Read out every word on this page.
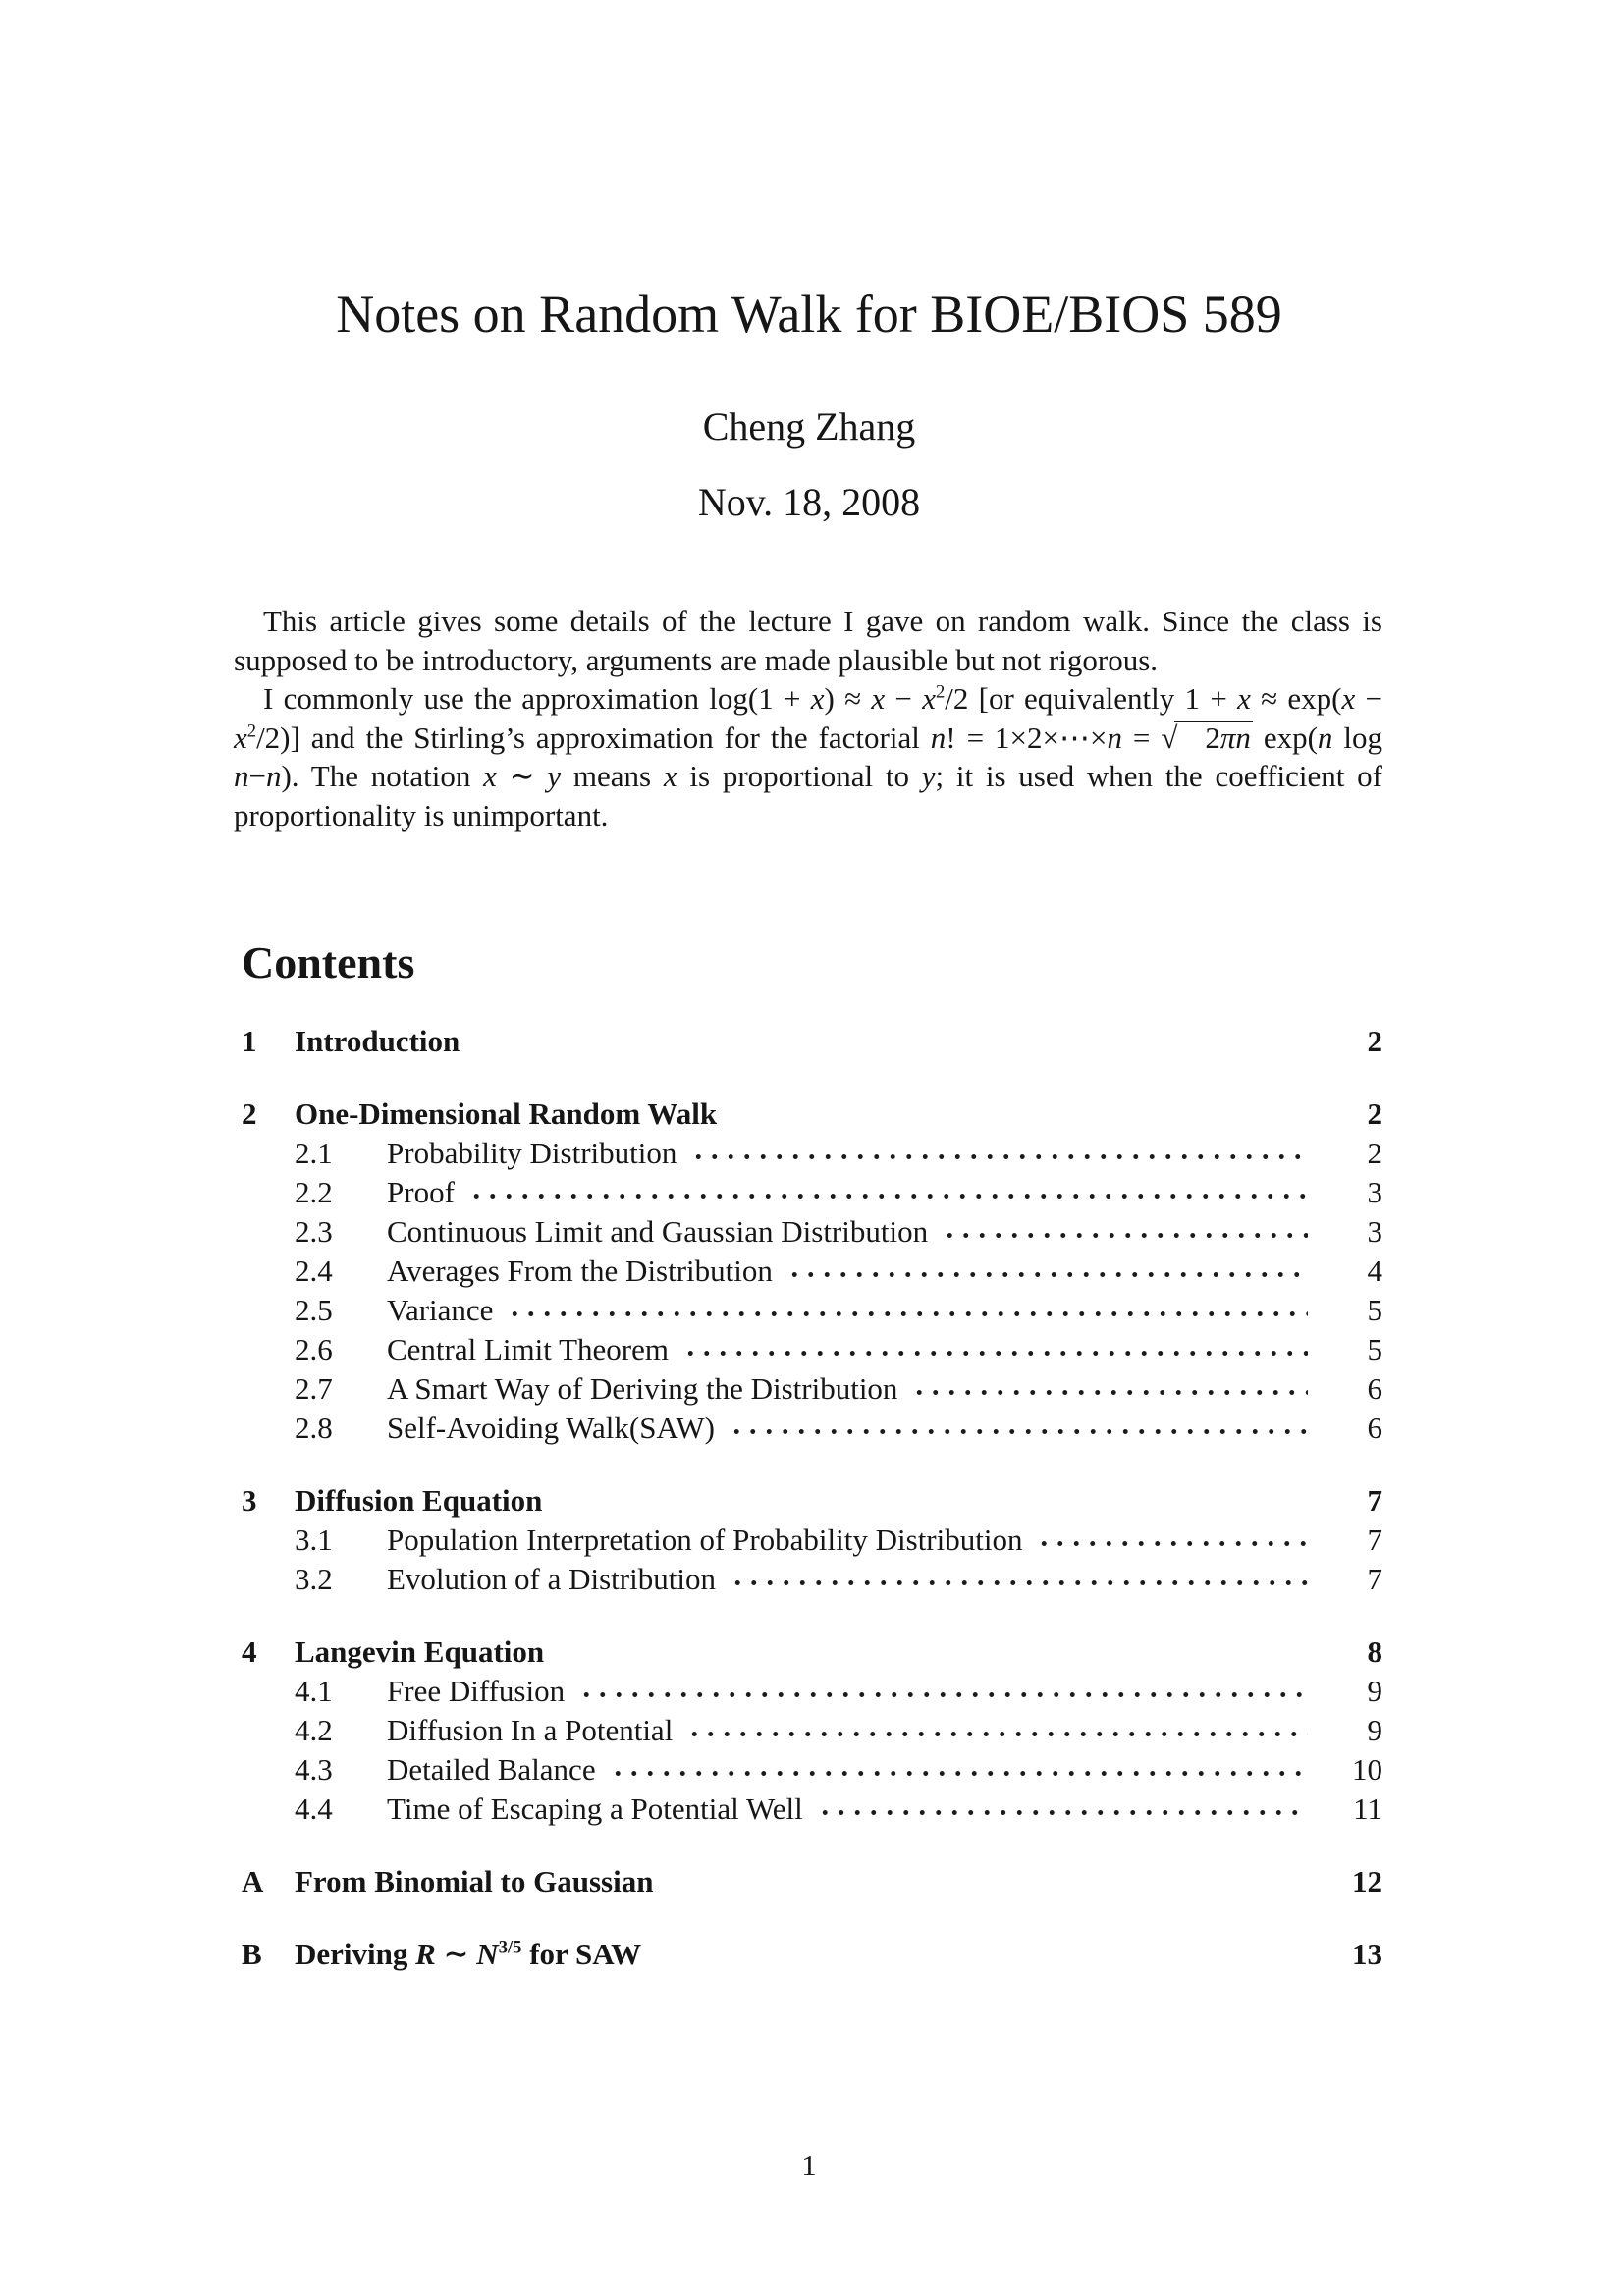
Notes on Random Walk for BIOE/BIOS 589
Cheng Zhang
Nov. 18, 2008

This article gives some details of the lecture I gave on random walk. Since the class is supposed to be introductory, arguments are made plausible but not rigorous.

I commonly use the approximation $\log(1 + x) \approx x - x^2/2$ [or equivalently $1 + x \approx \exp(x - x^2/2)$] and the Stirling’s approximation for the factorial n! = 1×2×⋯×n = √ 2πn exp(n log n−n). The notation x ∼ y means x is proportional to y; it is used when the coefficient of proportionality is unimportant.

Contents
1	Introduction	2
2	One-Dimensional Random Walk	2
2.1	Probability Distribution	2
2.2	Proof	3
2.3	Continuous Limit and Gaussian Distribution	3
2.4	Averages From the Distribution	4
2.5	Variance	5
2.6	Central Limit Theorem	5
2.7	A Smart Way of Deriving the Distribution	6
2.8	Self-Avoiding Walk(SAW)	6
3	Diffusion Equation	7
3.1	Population Interpretation of Probability Distribution	7
3.2	Evolution of a Distribution	7
4	Langevin Equation	8
4.1	Free Diffusion	9
4.2	Diffusion In a Potential	9
4.3	Detailed Balance	10
4.4	Time of Escaping a Potential Well	11
A	From Binomial to Gaussian	12
B	Deriving R ∼ $N^{3/5}$ for SAW	13
1
